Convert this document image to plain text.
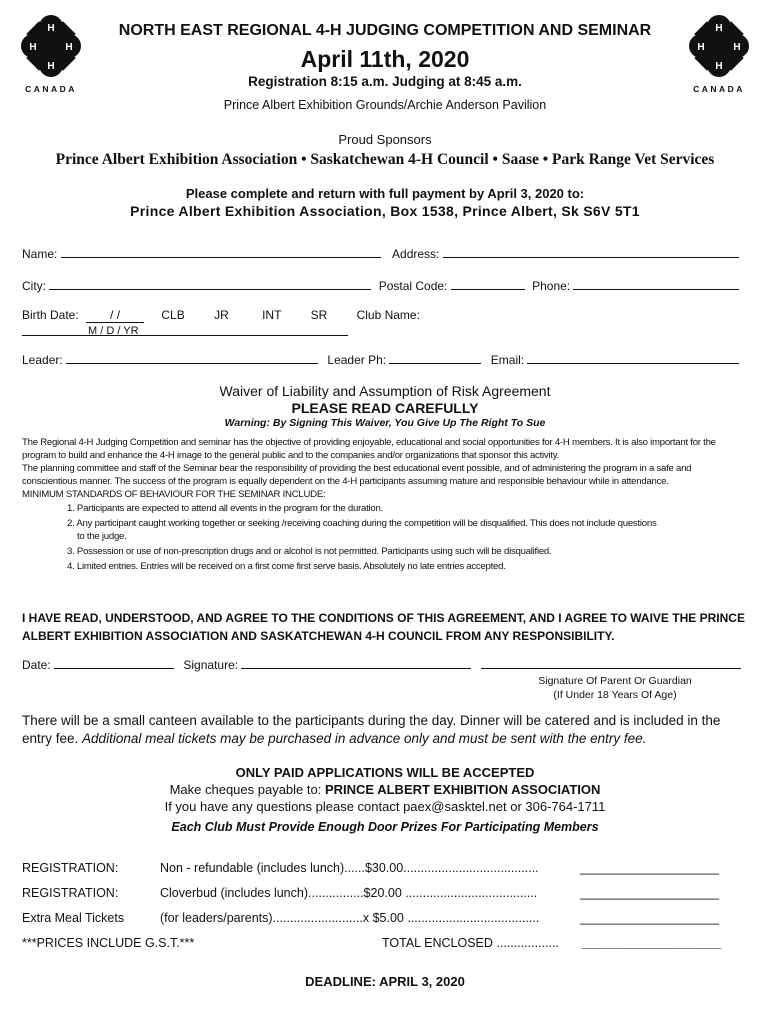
H
H	H
H
CANADA
H
H	H
H
CANADA
NORTH EAST REGIONAL 4-H JUDGING COMPETITION AND SEMINAR
April 11th, 2020
Registration 8:15 a.m. Judging at 8:45 a.m.
Prince Albert Exhibition Grounds/Archie Anderson Pavilion
Proud Sponsors
Prince Albert Exhibition Association • Saskatchewan 4-H Council • Saase • Park Range Vet Services
Please complete and return with full payment by April 3, 2020 to:
Prince Albert Exhibition Association, Box 1538, Prince Albert, Sk S6V 5T1
Name:	Address:
City:	Postal Code:	Phone:
Birth Date:	/ /	CLB JR	INT SR Club Name:
M / D / YR
Leader:	Leader Ph:	Email:
Waiver of Liability and Assumption of Risk Agreement
PLEASE READ CAREFULLY
Warning: By Signing This Waiver, You Give Up The Right To Sue
The Regional 4-H Judging Competition and seminar has the objective of providing enjoyable, educational and social opportunities for 4-H members. It is also important for the program to build and enhance the 4-H image to the general public and to the companies and/or organizations that sponsor this activity.
The planning committee and staff of the Seminar bear the responsibility of providing the best educational event possible, and of administering the program in a safe and conscientious manner. The success of the program is equally dependent on the 4-H participants assuming mature and responsible behaviour while in attendance.
MINIMUM STANDARDS OF BEHAVIOUR FOR THE SEMINAR INCLUDE:
1. Participants are expected to attend all events in the program for the duration.
2. Any participant caught working together or seeking /receiving coaching during the competition will be disqualified. This does not include questions
to the judge.
3. Possession or use of non-prescription drugs and or alcohol is not permitted. Participants using such will be disqualified.
4. Limited entries. Entries will be received on a first come first serve basis. Absolutely no late entries accepted.
I HAVE READ, UNDERSTOOD, AND AGREE TO THE CONDITIONS OF THIS AGREEMENT, AND I AGREE TO WAIVE THE PRINCE ALBERT EXHIBITION ASSOCIATION AND SASKATCHEWAN 4-H COUNCIL FROM ANY RESPONSIBILITY.
Date:	Signature:
Signature Of Parent Or Guardian
(If Under 18 Years Of Age)
There will be a small canteen available to the participants during the day. Dinner will be catered and is included in the entry fee. Additional meal tickets may be purchased in advance only and must be sent with the entry fee.
ONLY PAID APPLICATIONS WILL BE ACCEPTED
Make cheques payable to: PRINCE ALBERT EXHIBITION ASSOCIATION
If you have any questions please contact paex@sasktel.net or 306-764-1711
Each Club Must Provide Enough Door Prizes For Participating Members
REGISTRATION:	Non - refundable (includes lunch)......$30.00.......................................	____________________
REGISTRATION:	Cloverbud (includes lunch)................$20.00 ......................................	____________________
Extra Meal Tickets	(for leaders/parents)..........................x $5.00 ......................................	____________________
***PRICES INCLUDE G.S.T.***	TOTAL ENCLOSED .................. ____________________
DEADLINE: APRIL 3, 2020
